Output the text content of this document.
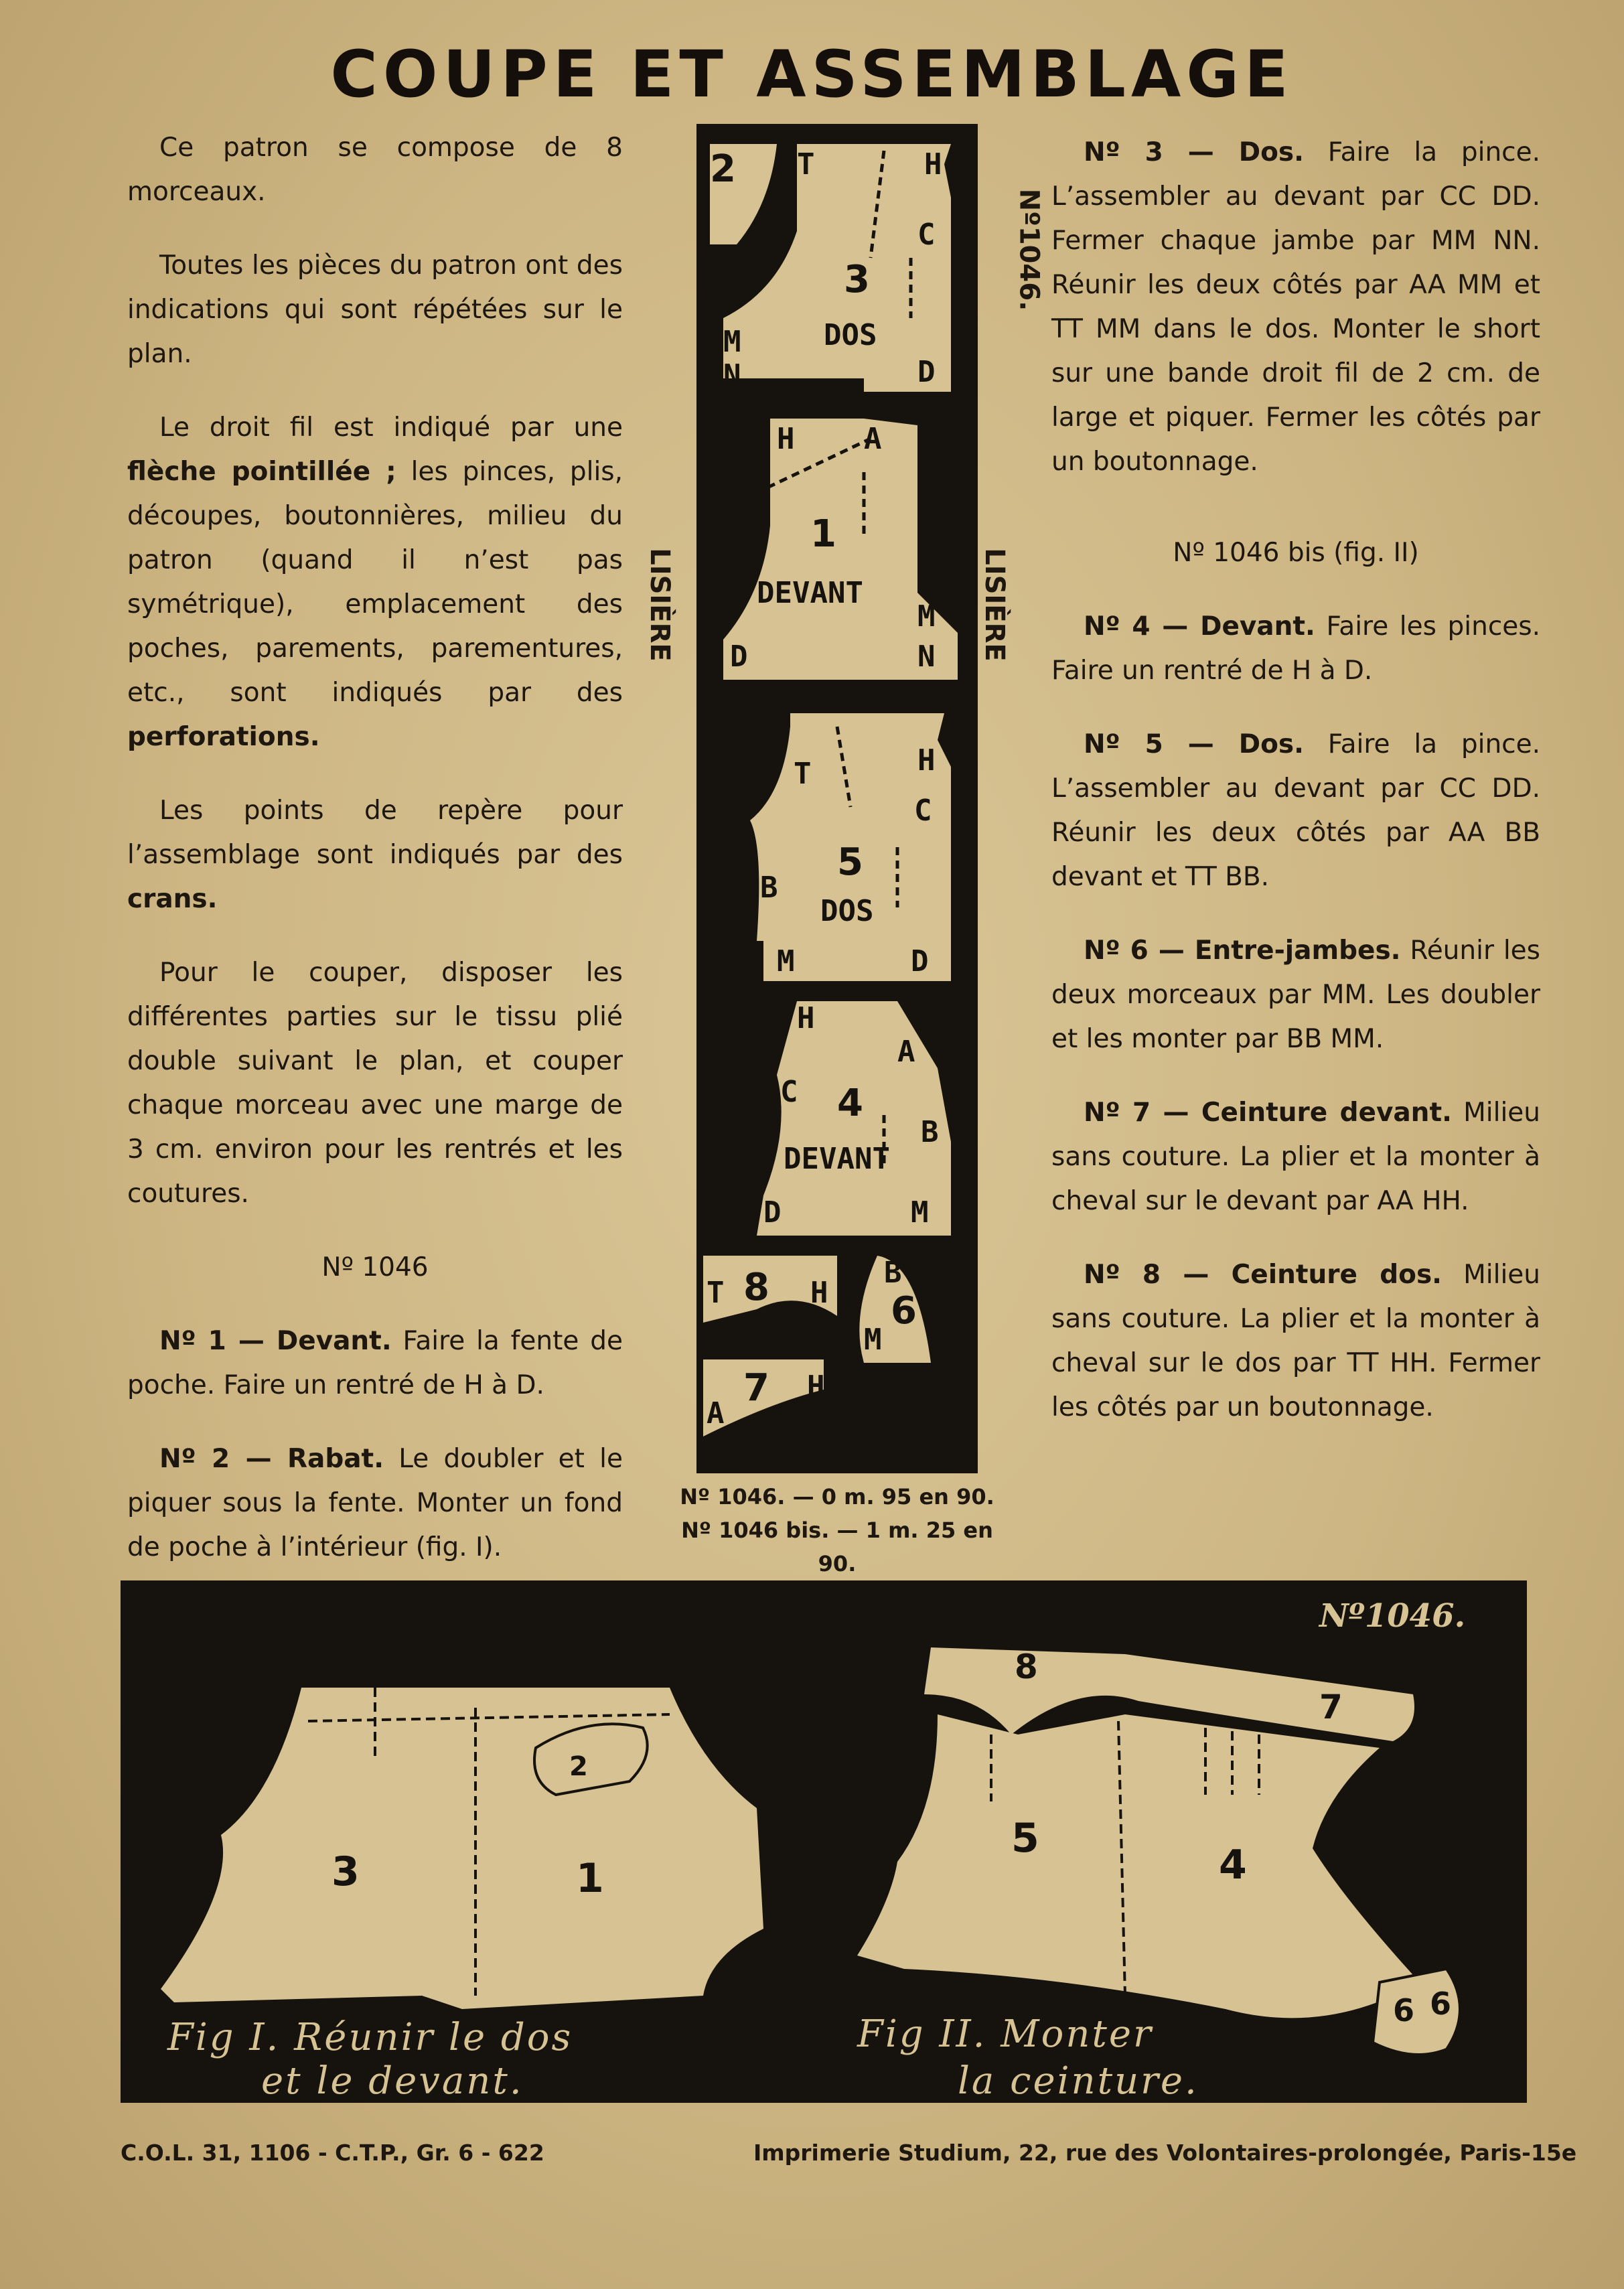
COUPE ET ASSEMBLAGE

Ce patron se compose de 8 morceaux.

Toutes les pièces du patron ont des indications qui sont répétées sur le plan.

Le droit fil est indiqué par une flèche pointillée ; les pinces, plis, découpes, boutonnières, milieu du patron (quand il n’est pas symétrique), emplacement des poches, parements, parementures, etc., sont indiqués par des perforations.

Les points de repère pour l’assemblage sont indiqués par des crans.

Pour le couper, disposer les différentes parties sur le tissu plié double suivant le plan, et couper chaque morceau avec une marge de 3 cm. environ pour les rentrés et les coutures.

Nº 1046

Nº 1 — Devant. Faire la fente de poche. Faire un rentré de H à D.

Nº 2 — Rabat. Le doubler et le piquer sous la fente. Monter un fond de poche à l’intérieur (fig. I).

Nº 3 — Dos. Faire la pince. L’assembler au devant par CC DD. Fermer chaque jambe par MM NN. Réunir les deux côtés par AA MM et TT MM dans le dos. Monter le short sur une bande droit fil de 2 cm. de large et piquer. Fermer les côtés par un boutonnage.

Nº 1046 bis (fig. II)

Nº 4 — Devant. Faire les pinces. Faire un rentré de H à D.

Nº 5 — Dos. Faire la pince. L’assembler au devant par CC DD. Réunir les deux côtés par AA BB devant et TT BB.

Nº 6 — Entre-jambes. Réunir les deux morceaux par MM. Les doubler et les monter par BB MM.

Nº 7 — Ceinture devant. Milieu sans couture. La plier et la monter à cheval sur le devant par AA HH.

Nº 8 — Ceinture dos. Milieu sans couture. La plier et la monter à cheval sur le dos par TT HH. Fermer les côtés par un boutonnage.

T	H
C
M
N	D
2
3
DOS
H A
C 1
DEVANT
M
D	N
T	H
C
5
B
DOS
M	D
H
A
C 4
B
DEVANT
D	M
T 8 H
B
6
M
A
7 H
Nº1046.
LISIÈRE	LISIÈRE
Nº 1046. — 0 m. 95 en 90.
Nº 1046 bis. — 1 m. 25 en 90.
Nº1046.
3	1
2
8
7
5
4
6 6
Fig I. Réunir le dos
et le devant.
Fig II. Monter
la ceinture.
C.O.L. 31, 1106 - C.T.P., Gr. 6 - 622	Imprimerie Studium, 22, rue des Volontaires-prolongée, Paris-15e
